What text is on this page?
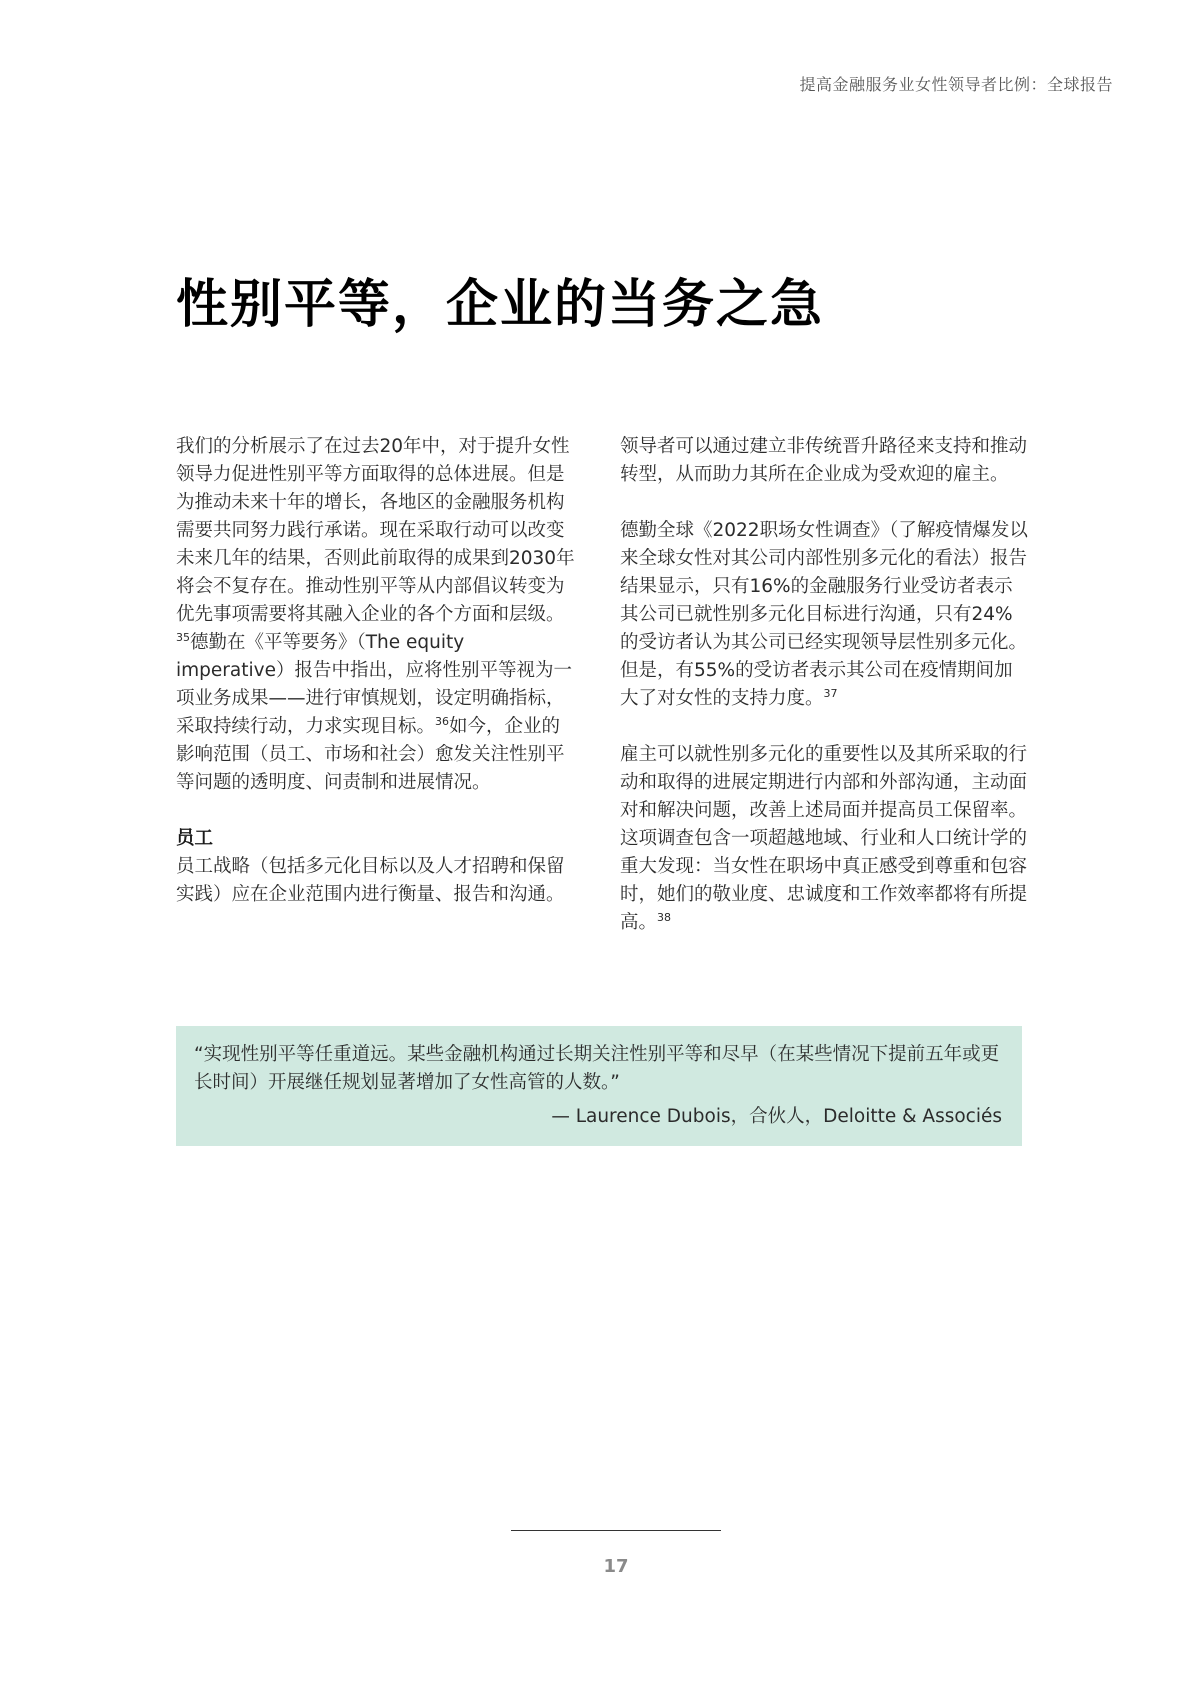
提高金融服务业女性领导者比例：全球报告
性别平等，企业的当务之急

我们的分析展示了在过去20年中，对于提升女性领导力促进性别平等方面取得的总体进展。但是为推动未来十年的增长，各地区的金融服务机构需要共同努力践行承诺。现在采取行动可以改变未来几年的结果，否则此前取得的成果到2030年将会不复存在。推动性别平等从内部倡议转变为优先事项需要将其融入企业的各个方面和层级。$^{35}$德勤在《平等要务》（The equity imperative）报告中指出，应将性别平等视为一项业务成果——进行审慎规划，设定明确指标，采取持续行动，力求实现目标。$^{36}$如今，企业的影响范围（员工、市场和社会）愈发关注性别平等问题的透明度、问责制和进展情况。

员工

员工战略（包括多元化目标以及人才招聘和保留实践）应在企业范围内进行衡量、报告和沟通。

领导者可以通过建立非传统晋升路径来支持和推动转型，从而助力其所在企业成为受欢迎的雇主。

德勤全球《2022职场女性调查》（了解疫情爆发以来全球女性对其公司内部性别多元化的看法）报告结果显示，只有16%的金融服务行业受访者表示其公司已就性别多元化目标进行沟通，只有24%的受访者认为其公司已经实现领导层性别多元化。但是，有55%的受访者表示其公司在疫情期间加大了对女性的支持力度。$^{37}$

雇主可以就性别多元化的重要性以及其所采取的行动和取得的进展定期进行内部和外部沟通，主动面对和解决问题，改善上述局面并提高员工保留率。这项调查包含一项超越地域、行业和人口统计学的重大发现：当女性在职场中真正感受到尊重和包容时，她们的敬业度、忠诚度和工作效率都将有所提高。$^{38}$

“实现性别平等任重道远。某些金融机构通过长期关注性别平等和尽早（在某些情况下提前五年或更长时间）开展继任规划显著增加了女性高管的人数。”

— Laurence Dubois，合伙人，Deloitte & Associés

17
